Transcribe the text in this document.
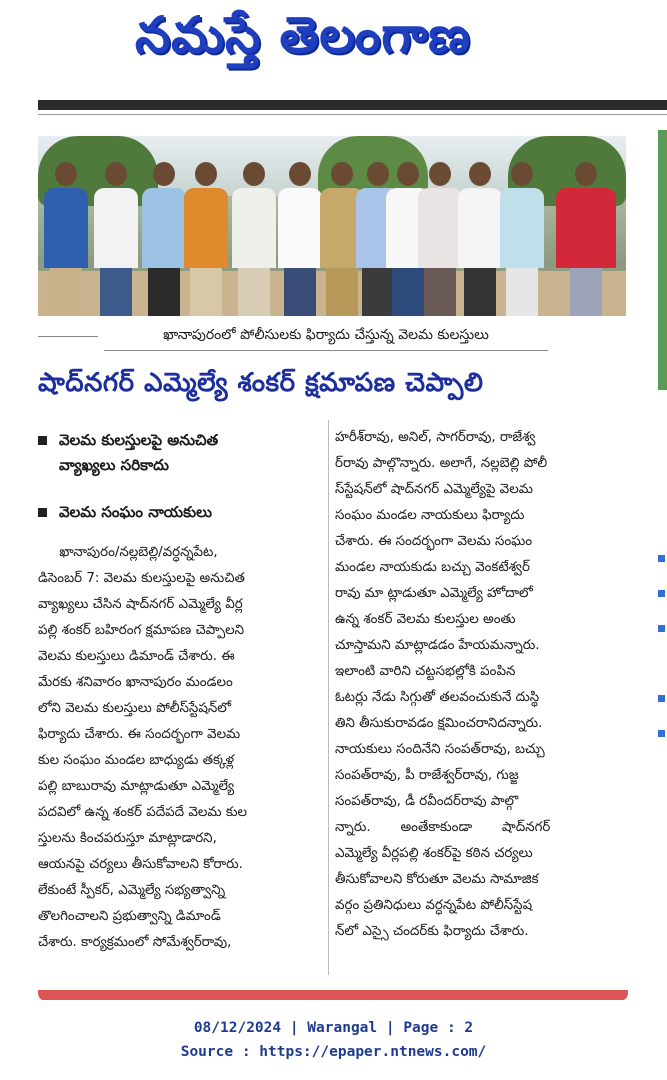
నమస్తే తెలంగాణ
ఖానాపురంలో పోలీసులకు ఫిర్యాదు చేస్తున్న వెలమ కులస్తులు
షాద్‌నగర్ ఎమ్మెల్యే శంకర్ క్షమాపణ చెప్పాలి
వెలమ కులస్తులపై అనుచిత
వ్యాఖ్యలు సరికాదు
వెలమ సంఘం నాయకులు
ఖానాపురం/నల్లబెల్లి/వర్ధన్నపేట,
డిసెంబర్ 7: వెలమ కులస్తులపై అనుచిత
వ్యాఖ్యలు చేసిన షాద్‌నగర్ ఎమ్మెల్యే వీర్ల
పల్లి శంకర్ బహిరంగ క్షమాపణ చెప్పాలని
వెలమ కులస్తులు డిమాండ్ చేశారు. ఈ
మేరకు శనివారం ఖానాపురం మండలం
లోని వెలమ కులస్తులు పోలీస్‌స్టేషన్‌లో
ఫిర్యాదు చేశారు. ఈ సందర్భంగా వెలమ
కుల సంఘం మండల బాధ్యుడు తక్కళ్ల
పల్లి బాబురావు మాట్లాడుతూ ఎమ్మెల్యే
పదవిలో ఉన్న శంకర్ పదేపదే వెలమ కుల
స్తులను కించపరుస్తూ మాట్లాడారని,
ఆయనపై చర్యలు తీసుకోవాలని కోరారు.
లేకుంటే స్పీకర్, ఎమ్మెల్యే సభ్యత్వాన్ని
తొలగించాలని ప్రభుత్వాన్ని డిమాండ్
చేశారు. కార్యక్రమంలో సోమేశ్వర్‌రావు,
హరీశ్‌రావు, అనిల్, సాగర్‌రావు, రాజేశ్వ
ర్‌రావు పాల్గొన్నారు. అలాగే, నల్లబెల్లి పోలీ
స్‌స్టేషన్‌లో షాద్‌నగర్ ఎమ్మెల్యేపై వెలమ
సంఘం మండల నాయకులు ఫిర్యాదు
చేశారు. ఈ సందర్భంగా వెలమ సంఘం
మండల నాయకుడు బచ్చు వెంకటేశ్వర్
రావు మా ట్లాడుతూ ఎమ్మెల్యే హోదాలో
ఉన్న శంకర్ వెలమ కులస్తుల అంతు
చూస్తామని మాట్లాడడం హేయమన్నారు.
ఇలాంటి వారిని చట్టసభల్లోకి పంపిన
ఓటర్లు నేడు సిగ్గుతో తలవంచుకునే దుస్థి
తిని తీసుకురావడం క్షమించరానిదన్నారు.
నాయకులు సందినేని సంపత్‌రావు, బచ్చు
సంపత్‌రావు, పీ రాజేశ్వర్‌రావు, గుజ్జ
సంపత్‌రావు, డీ రవీందర్‌రావు పాల్గొ
న్నారు.       అంతేకాకుండా       షాద్‌నగర్
ఎమ్మెల్యే వీర్లపల్లి శంకర్‌పై కఠిన చర్యలు
తీసుకోవాలని కోరుతూ వెలమ సామాజిక
వర్గం ప్రతినిధులు వర్ధన్నపేట పోలీస్‌స్టేష
న్‌లో ఎస్సై చందర్‌కు ఫిర్యాదు చేశారు.
08/12/2024 | Warangal | Page : 2
Source : https://epaper.ntnews.com/
